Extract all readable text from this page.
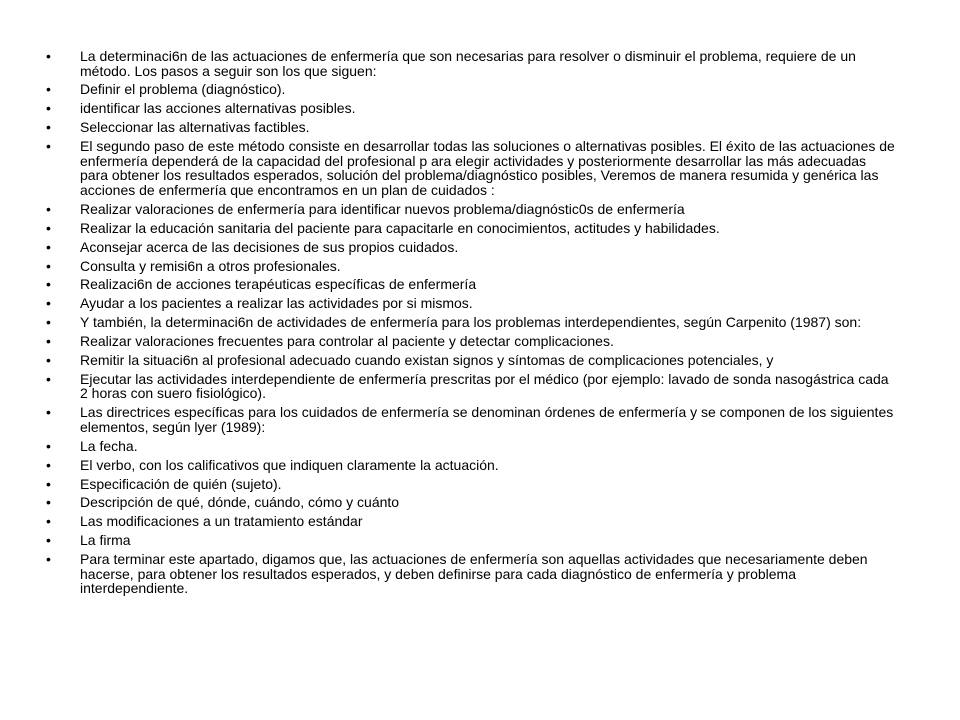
•	La determinaci6n de las actuaciones de enfermería que son necesarias para resolver o disminuir el problema, requiere de un método. Los pasos a seguir son los que siguen:
•	Definir el problema (diagnóstico).
•	identificar las acciones alternativas posibles.
•	Seleccionar las alternativas factibles.
•	El segundo paso de este método consiste en desarrollar todas las soluciones o alternativas posibles. El éxito de las actuaciones de enfermería dependerá de la capacidad del profesional p ara elegir actividades y posteriormente desarrollar las más adecuadas para obtener los resultados esperados, solución del problema/diagnóstico posibles, Veremos de manera resumida y genérica las acciones de enfermería que encontramos en un plan de cuidados :
•	Realizar valoraciones de enfermería para identificar nuevos problema/diagnóstic0s de enfermería
•	Realizar la educación sanitaria del paciente para capacitarle en conocimientos, actitudes y habilidades.
•	Aconsejar acerca de las decisiones de sus propios cuidados.
•	Consulta y remisi6n a otros profesionales.
•	Realizaci6n de acciones terapéuticas específicas de enfermería
•	Ayudar a los pacientes a realizar las actividades por si mismos.
•	Y también, la determinaci6n de actividades de enfermería para los problemas interdependientes, según Carpenito (1987) son:
•	Realizar valoraciones frecuentes para controlar al paciente y detectar complicaciones.
•	Remitir la situaci6n al profesional adecuado cuando existan signos y síntomas de complicaciones potenciales, y
•	Ejecutar las actividades interdependiente de enfermería prescritas por el médico (por ejemplo: lavado de sonda nasogástrica cada 2 horas con suero fisiológico).
•	Las directrices específicas para los cuidados de enfermería se denominan órdenes de enfermería y se componen de los siguientes elementos, según lyer (1989):
•	La fecha.
•	El verbo, con los calificativos que indiquen claramente la actuación.
•	Especificación de quién (sujeto).
•	Descripción de qué, dónde, cuándo, cómo y cuánto
•	Las modificaciones a un tratamiento estándar
•	La firma
•	Para terminar este apartado, digamos que, las actuaciones de enfermería son aquellas actividades que necesariamente deben hacerse, para obtener los resultados esperados, y deben definirse para cada diagnóstico de enfermería y problema interdependiente.
